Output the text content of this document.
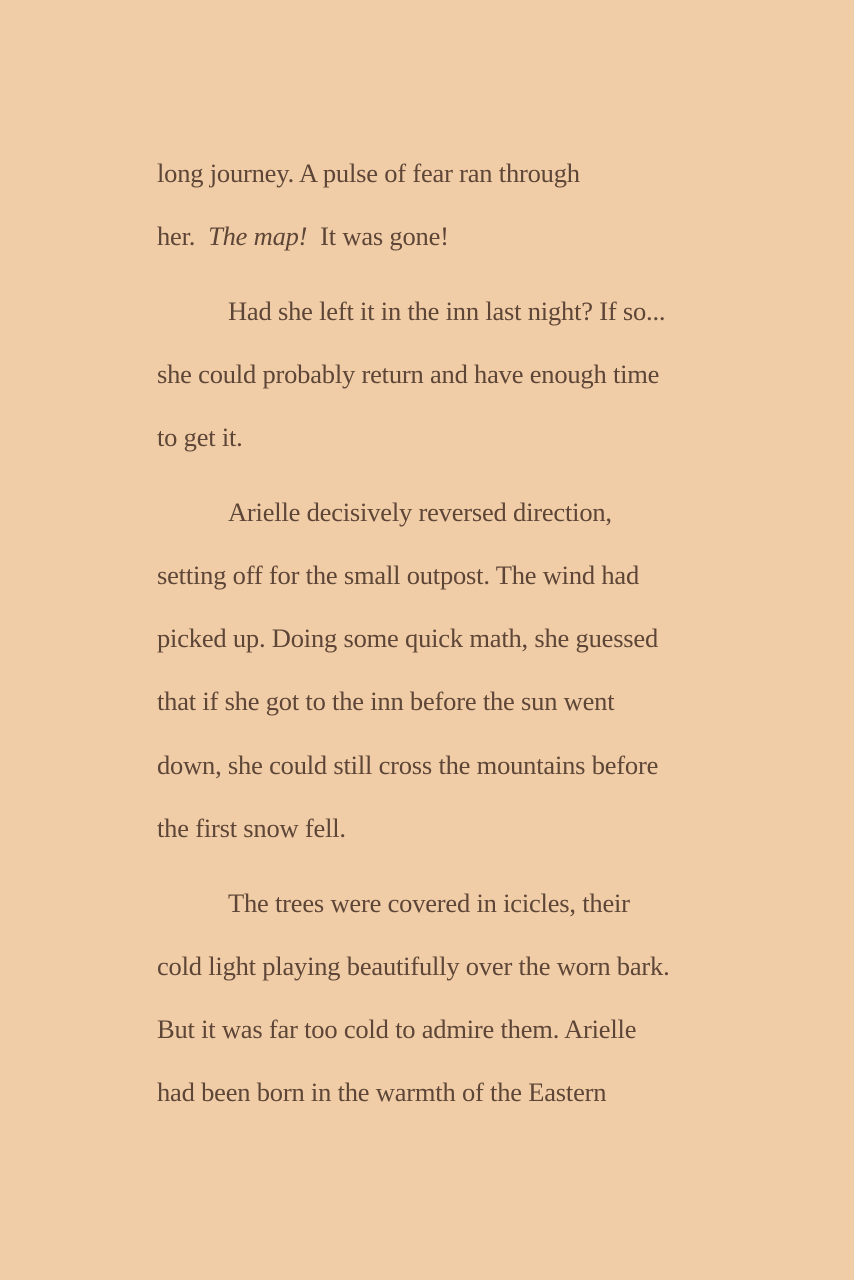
long journey. A pulse of fear ran through
her. The map! It was gone!
Had she left it in the inn last night? If so...
she could probably return and have enough time
to get it.
Arielle decisively reversed direction,
setting off for the small outpost. The wind had
picked up. Doing some quick math, she guessed
that if she got to the inn before the sun went
down, she could still cross the mountains before
the first snow fell.
The trees were covered in icicles, their
cold light playing beautifully over the worn bark.
But it was far too cold to admire them. Arielle
had been born in the warmth of the Eastern
